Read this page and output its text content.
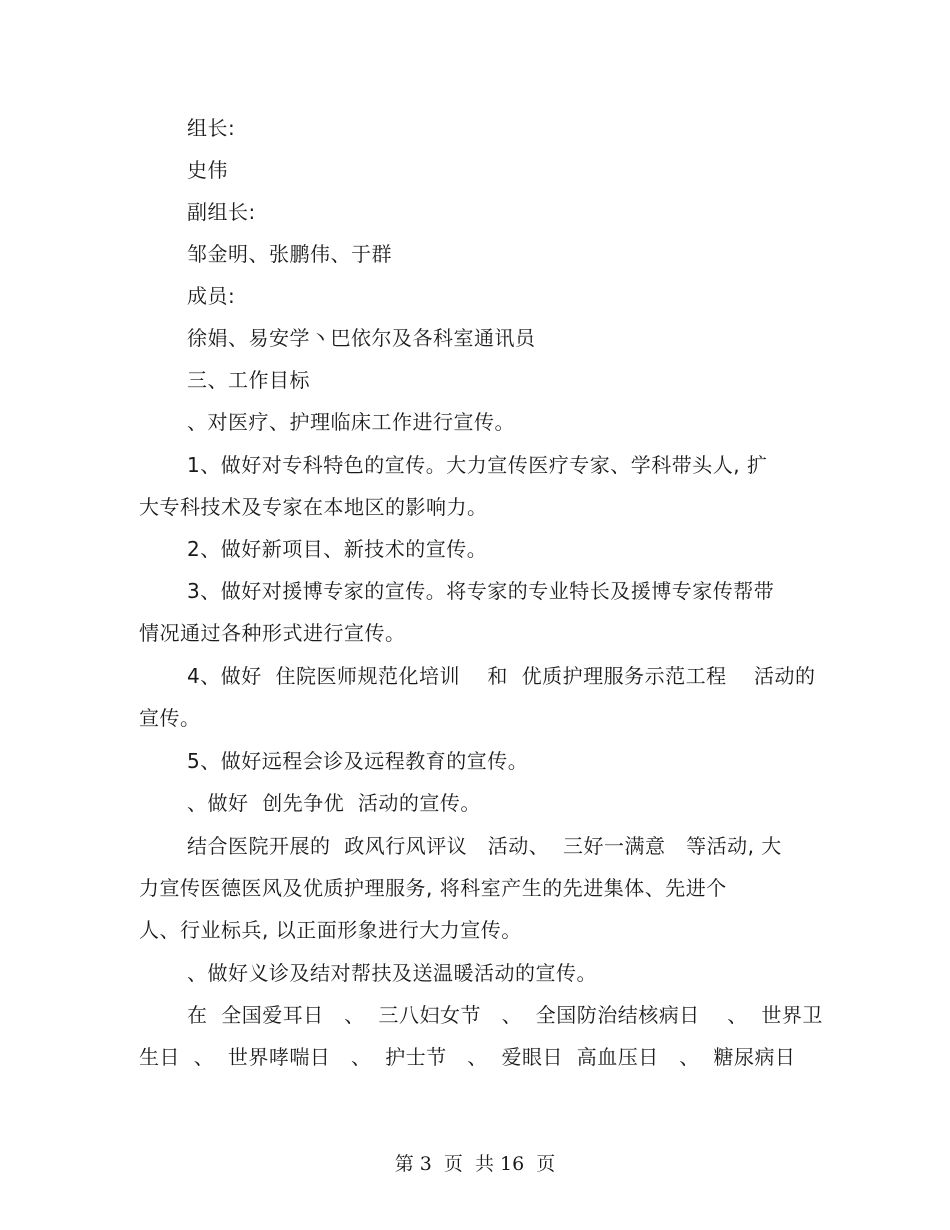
组长:
史伟
副组长:
邹金明、张鹏伟、于群
成员:
徐娟、易安学丶巴依尔及各科室通讯员
三、工作目标
、对医疗、护理临床工作进行宣传。
1、做好对专科特色的宣传。大力宣传医疗专家、学科带头人, 扩
大专科技术及专家在本地区的影响力。
2、做好新项目、新技术的宣传。
3、做好对援博专家的宣传。将专家的专业特长及援博专家传帮带
情况通过各种形式进行宣传。
4、做好  住院医师规范化培训    和  优质护理服务示范工程    活动的
宣传。
5、做好远程会诊及远程教育的宣传。
、做好  创先争优  活动的宣传。
结合医院开展的  政风行风评议   活动、  三好一满意   等活动, 大
力宣传医德医风及优质护理服务, 将科室产生的先进集体、先进个
人、行业标兵, 以正面形象进行大力宣传。
、做好义诊及结对帮扶及送温暖活动的宣传。
在  全国爱耳日   、  三八妇女节   、  全国防治结核病日    、  世界卫
生日  、  世界哮喘日   、  护士节   、  爱眼日  高血压日   、  糖尿病日
第 3  页  共 16  页
